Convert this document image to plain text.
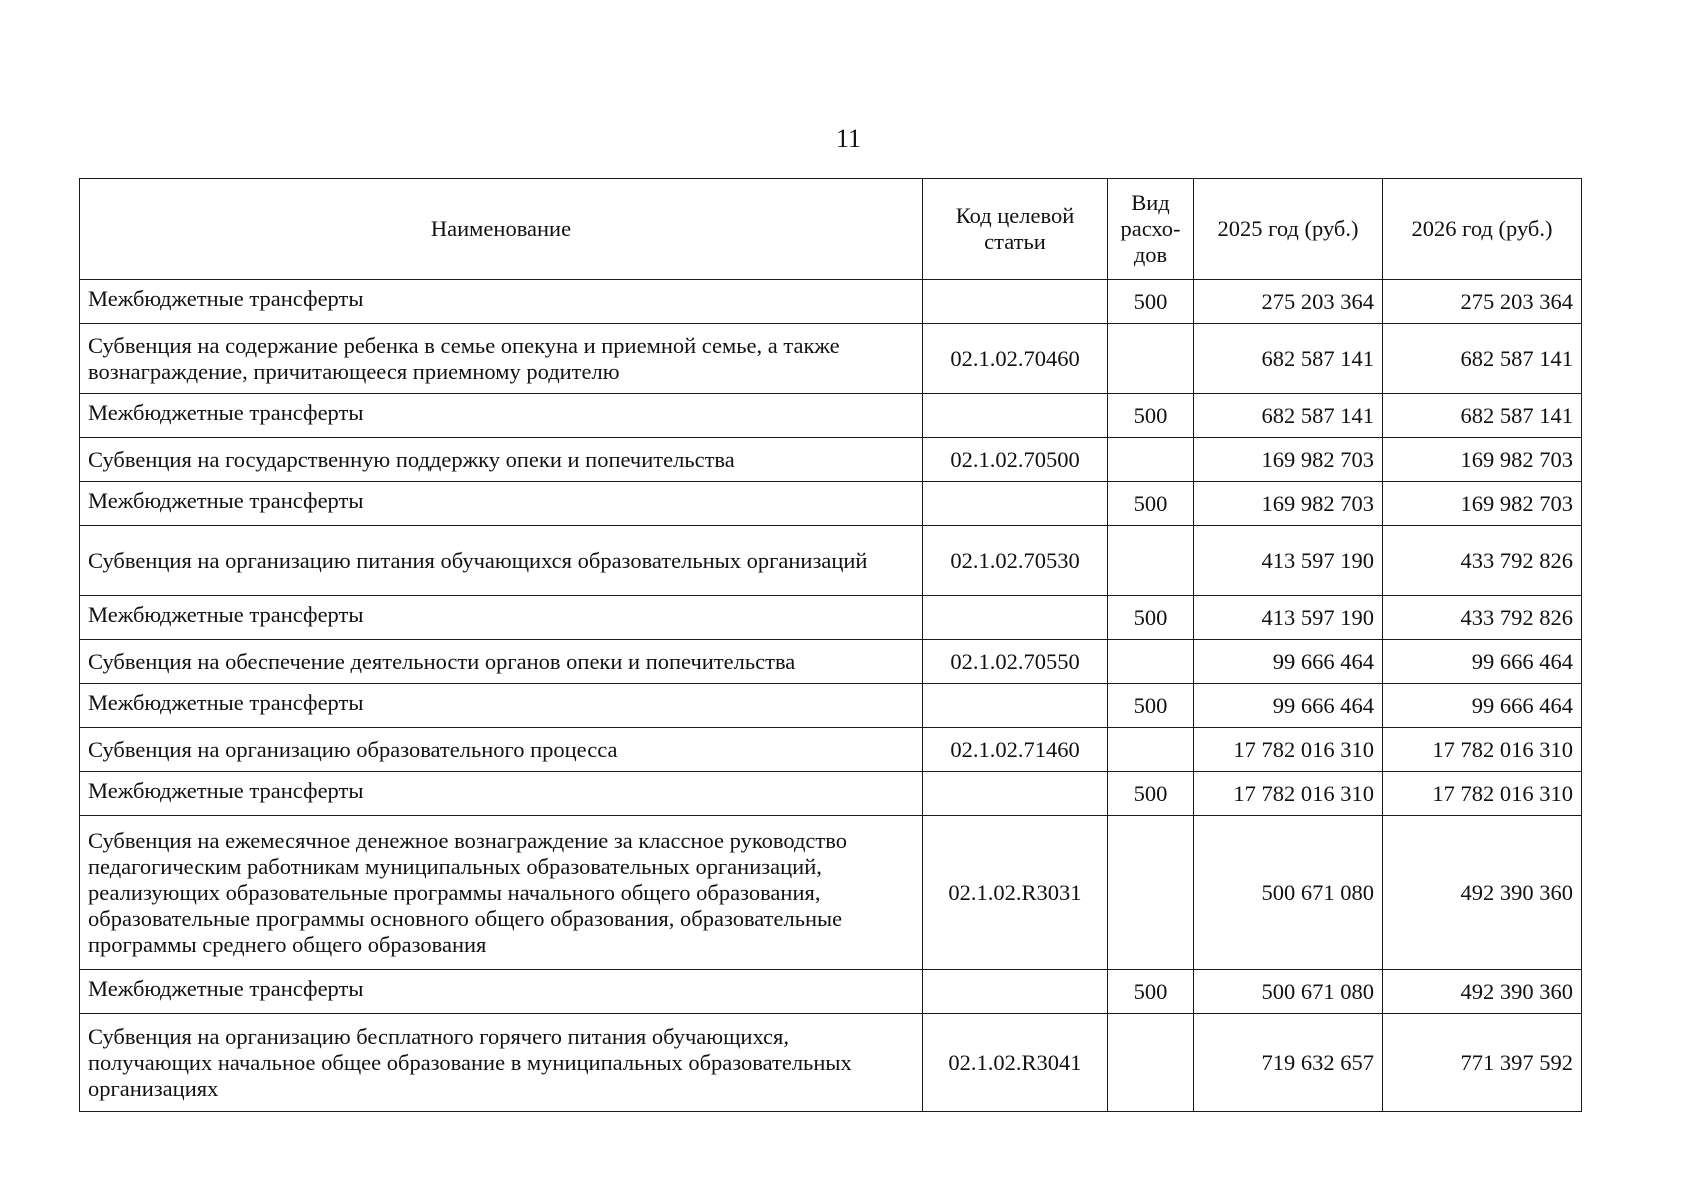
11
Наименование	Код целевой статьи	Вид расхо-дов	2025 год (руб.)	2026 год (руб.)
Межбюджетные трансферты		500	275 203 364	275 203 364
Субвенция на содержание ребенка в семье опекуна и приемной семье, а также вознаграждение, причитающееся приемному родителю	02.1.02.70460		682 587 141	682 587 141
Межбюджетные трансферты		500	682 587 141	682 587 141
Субвенция на государственную поддержку опеки и попечительства	02.1.02.70500		169 982 703	169 982 703
Межбюджетные трансферты		500	169 982 703	169 982 703
Субвенция на организацию питания обучающихся образовательных организаций	02.1.02.70530		413 597 190	433 792 826
Межбюджетные трансферты		500	413 597 190	433 792 826
Субвенция на обеспечение деятельности органов опеки и попечительства	02.1.02.70550		99 666 464	99 666 464
Межбюджетные трансферты		500	99 666 464	99 666 464
Субвенция на организацию образовательного процесса	02.1.02.71460		17 782 016 310	17 782 016 310
Межбюджетные трансферты		500	17 782 016 310	17 782 016 310
Субвенция на ежемесячное денежное вознаграждение за классное руководство педагогическим работникам муниципальных образовательных организаций, реализующих образовательные программы начального общего образования, образовательные программы основного общего образования, образовательные программы среднего общего образования	02.1.02.R3031		500 671 080	492 390 360
Межбюджетные трансферты		500	500 671 080	492 390 360
Субвенция на организацию бесплатного горячего питания обучающихся, получающих начальное общее образование в муниципальных образовательных организациях	02.1.02.R3041		719 632 657	771 397 592
